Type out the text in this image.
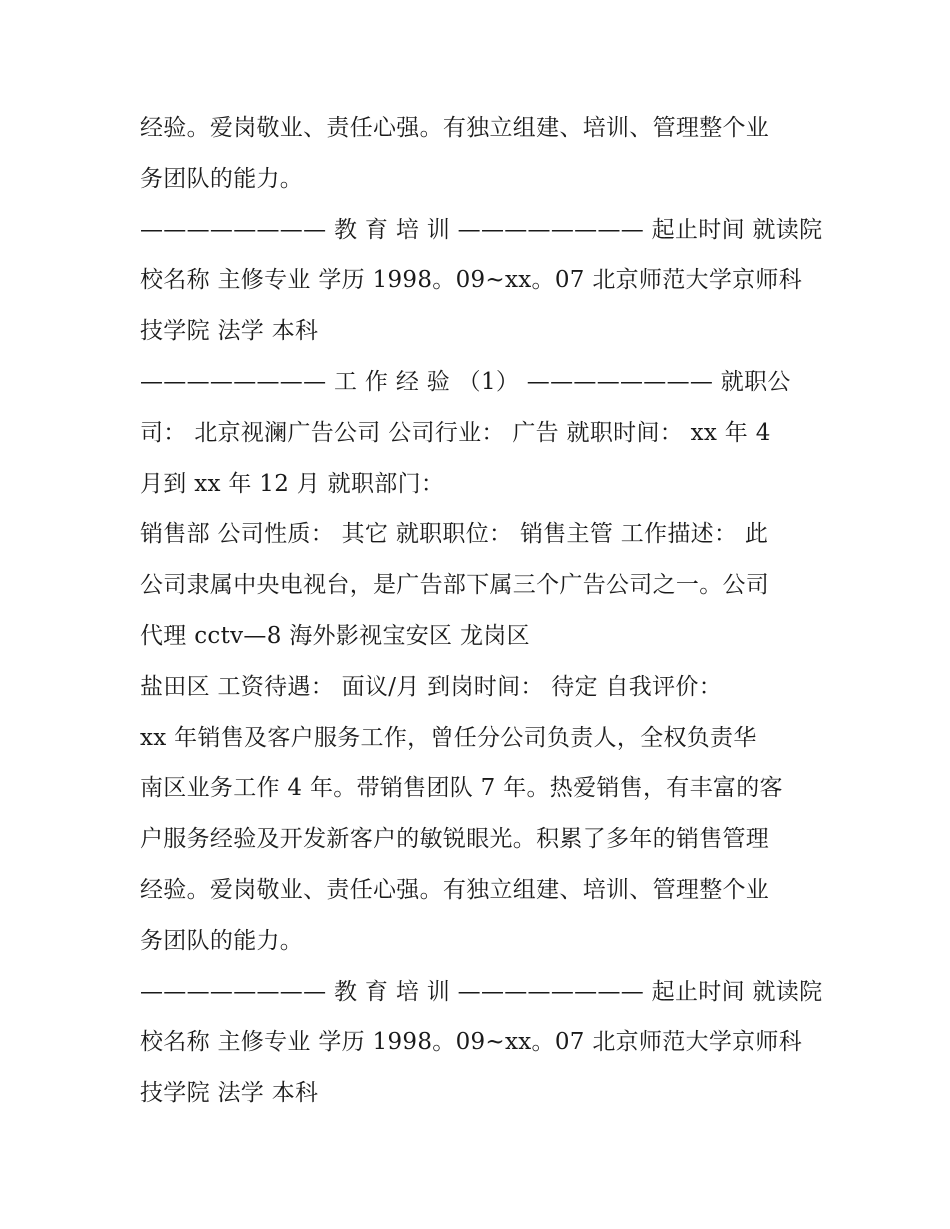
经验。爱岗敬业、责任心强。有独立组建、培训、管理整个业
务团队的能力。
———————— 教 育 培 训 ———————— 起止时间 就读院
校名称 主修专业 学历 1998。09~xx。07 北京师范大学京师科
技学院 法学 本科
———————— 工 作 经 验 （1） ———————— 就职公
司： 北京视澜广告公司 公司行业： 广告 就职时间： xx 年 4
月到 xx 年 12 月 就职部门：
销售部 公司性质： 其它 就职职位： 销售主管 工作描述： 此
公司隶属中央电视台，是广告部下属三个广告公司之一。公司
代理 cctv—8 海外影视宝安区 龙岗区
盐田区 工资待遇： 面议/月 到岗时间： 待定 自我评价：
xx 年销售及客户服务工作，曾任分公司负责人，全权负责华
南区业务工作 4 年。带销售团队 7 年。热爱销售，有丰富的客
户服务经验及开发新客户的敏锐眼光。积累了多年的销售管理
经验。爱岗敬业、责任心强。有独立组建、培训、管理整个业
务团队的能力。
———————— 教 育 培 训 ———————— 起止时间 就读院
校名称 主修专业 学历 1998。09~xx。07 北京师范大学京师科
技学院 法学 本科
